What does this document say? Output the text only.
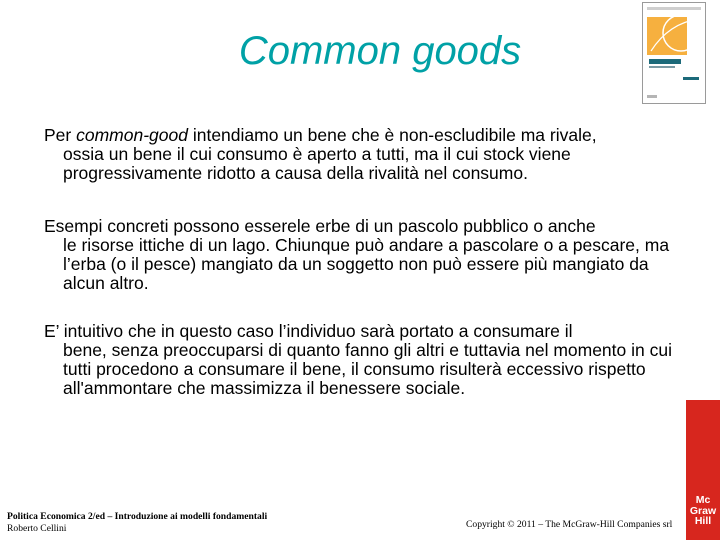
Common goods
Per common-good intendiamo un bene che è non-escludibile ma rivale,
ossia un bene il cui consumo è aperto a tutti, ma il cui stock viene progressivamente ridotto a causa della rivalità nel consumo.
Esempi concreti possono esserele erbe di un pascolo pubblico o anche
le risorse ittiche di un lago. Chiunque può andare a pascolare o a pescare, ma l’erba (o il pesce) mangiato da un soggetto non può essere più mangiato da alcun altro.
E’ intuitivo che in questo caso l’individuo sarà portato a consumare il
bene, senza preoccuparsi di quanto fanno gli altri e tuttavia nel momento in cui tutti procedono a consumare il bene, il consumo risulterà eccessivo rispetto all'ammontare che massimizza il benessere sociale.
Politica Economica 2/ed – Introduzione ai modelli fondamentali
Roberto Cellini	Copyright © 2011 – The McGraw-Hill Companies srl
Mc
Graw
Hill
